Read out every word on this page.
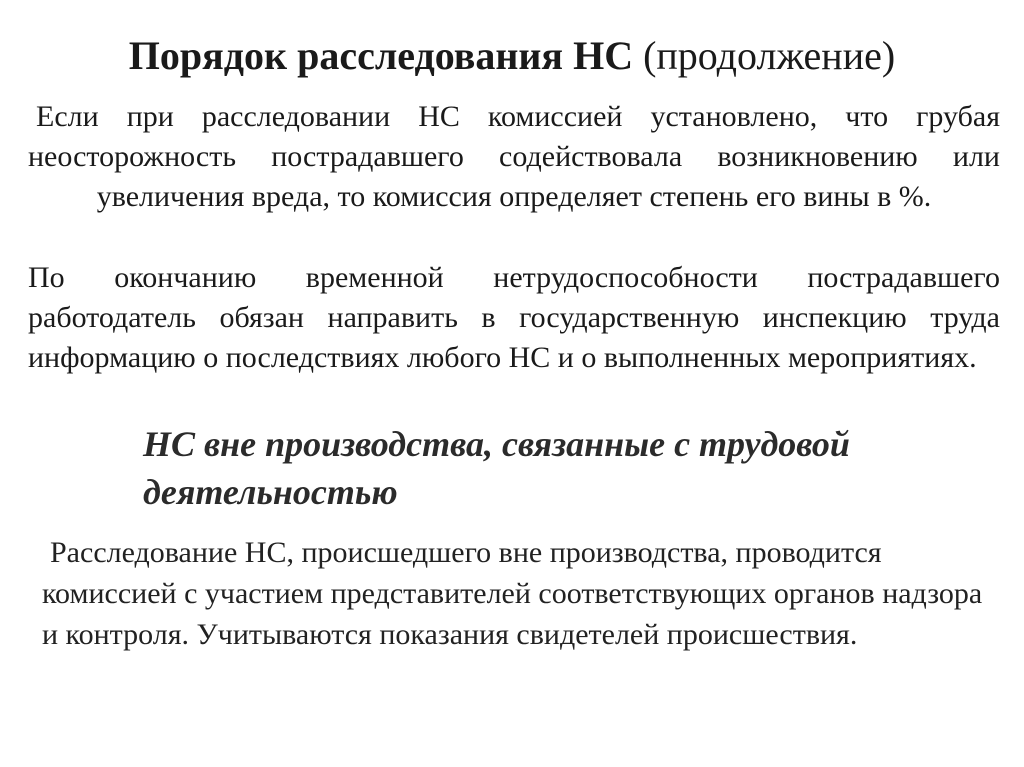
Порядок расследования НС (продолжение)

Если при расследовании НС комиссией установлено, что грубая неосторожность пострадавшего содействовала возникновению или увеличения вреда, то комиссия определяет степень его вины в %.

По окончанию временной нетрудоспособности пострадавшего работодатель обязан направить в государственную инспекцию труда информацию о последствиях любого НС и о выполненных мероприятиях.

НС вне производства, связанные с трудовой деятельностью

Расследование НС, происшедшего вне производства, проводится комиссией с участием представителей соответствующих органов надзора и контроля. Учитываются показания свидетелей происшествия.
